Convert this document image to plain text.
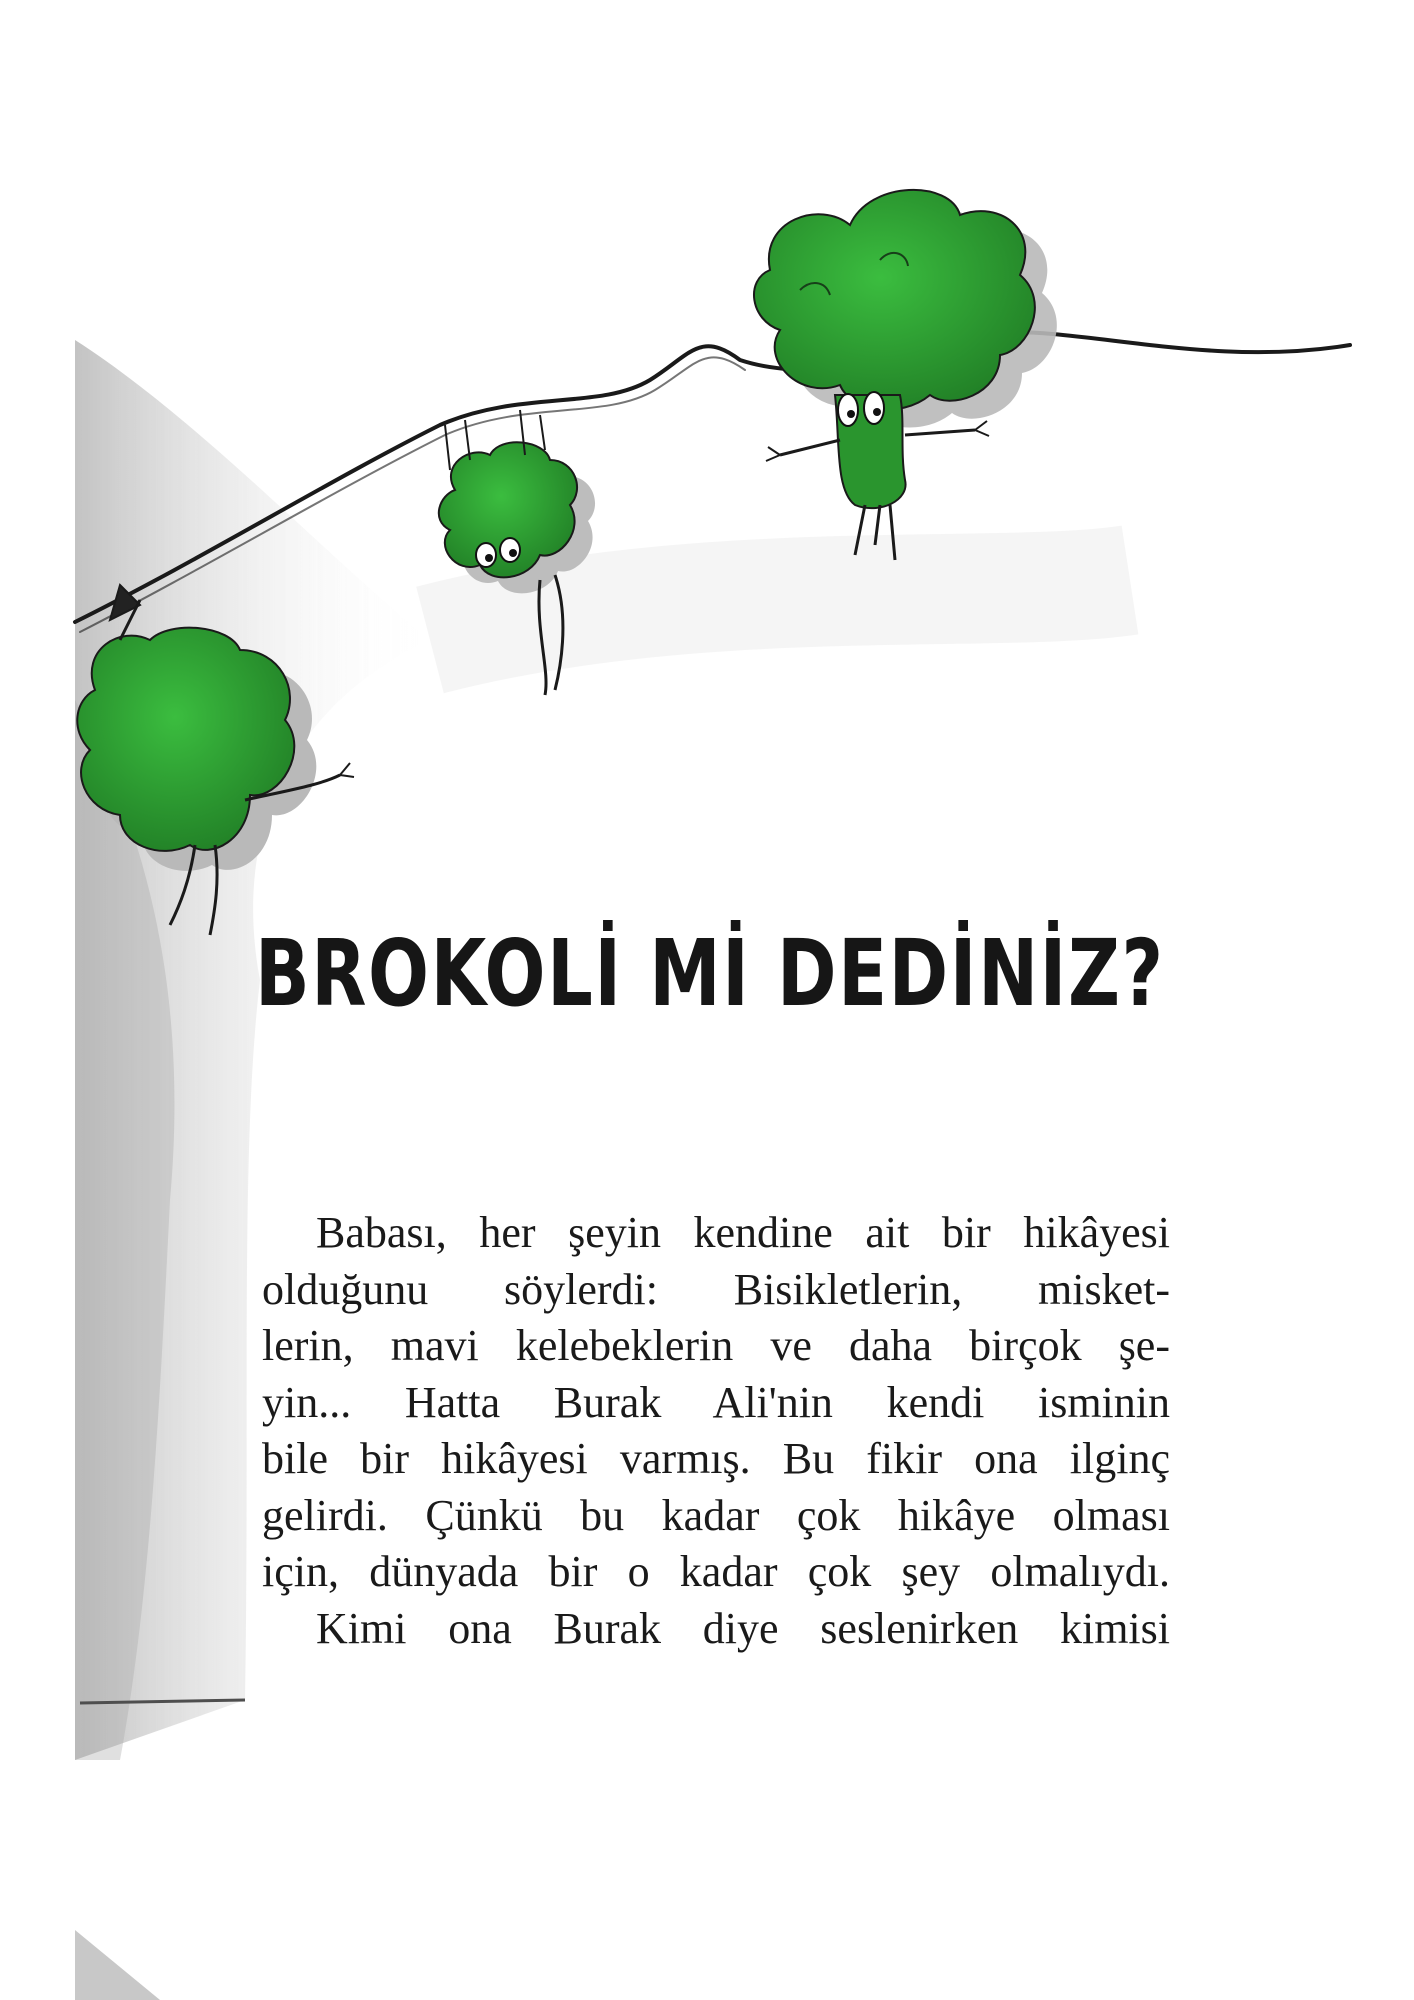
BROKOLİ Mİ DEDİNİZ?

Babası, her şeyin kendine ait bir hikâyesi

olduğunu söylerdi: Bisikletlerin, misket-

lerin, mavi kelebeklerin ve daha birçok şe-

yin... Hatta Burak Ali'nin kendi isminin

bile bir hikâyesi varmış. Bu fikir ona ilginç

gelirdi. Çünkü bu kadar çok hikâye olması

için, dünyada bir o kadar çok şey olmalıydı.

Kimi ona Burak diye seslenirken kimisi
